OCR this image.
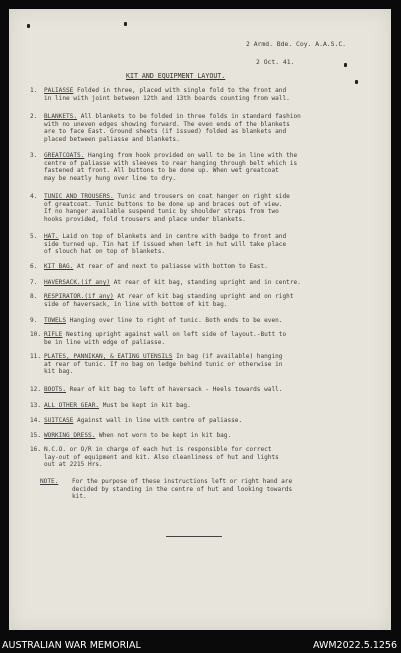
2 Armd. Bde. Coy. A.A.S.C.
2 Oct. 41.
KIT AND EQUIPMENT LAYOUT.
1. PALIASSE Folded in three, placed with single fold to the front and

in line with joint between 12th and 13th boards counting from wall.

2. BLANKETS. All blankets to be folded in three folds in standard fashion

with no uneven edges showing forward. The even ends of the blankets

are to face East. Ground sheets (if issued) folded as blankets and

placed between paliasse and blankets.

3. GREATCOATS. Hanging from hook provided on wall to be in line with the

centre of paliasse with sleeves to rear hanging through belt which is

fastened at front. All buttons to be done up. When wet greatcoat

may be neatly hung over line to dry.

4. TUNIC AND TROUSERS. Tunic and trousers on coat hanger on right side

of greatcoat. Tunic buttons to be done up and braces out of view.

If no hanger available suspend tunic by shoulder straps from two

hooks provided, fold trousers and place under blankets.

5. HAT. Laid on top of blankets and in centre with badge to front and

side turned up. Tin hat if issued when left in hut will take place

of slouch hat on top of blankets.

6. KIT BAG. At rear of and next to paliasse with bottom to East.

7. HAVERSACK.(if any) At rear of kit bag, standing upright and in centre.

8. RESPIRATOR.(if any) At rear of kit bag standing upright and on right

side of haversack, in line with bottom of kit bag.

9. TOWELS Hanging over line to right of tunic. Both ends to be even.

10. RIFLE Nesting upright against wall on left side of layout.-Butt to

be in line with edge of paliasse.

11. PLATES, PANNIKAN, & EATING UTENSILS In bag (if available) hanging

at rear of tunic. If no bag on ledge behind tunic or otherwise in

kit bag.

12. BOOTS. Rear of kit bag to left of haversack - Heels towards wall.

13. ALL OTHER GEAR. Must be kept in kit bag.

14. SUITCASE Against wall in line with centre of paliasse.

15. WORKING DRESS. When not worn to be kept in kit bag.

16. N.C.O. or O/R in charge of each hut is responsible for correct

lay-out of equipment and kit. Also cleanliness of hut and lights

out at 2215 Hrs.

NOTE. For the purpose of these instructions left or right hand are

decided by standing in the centre of hut and looking towards

kit.

AUSTRALIAN WAR MEMORIAL	AWM2022.5.1256
